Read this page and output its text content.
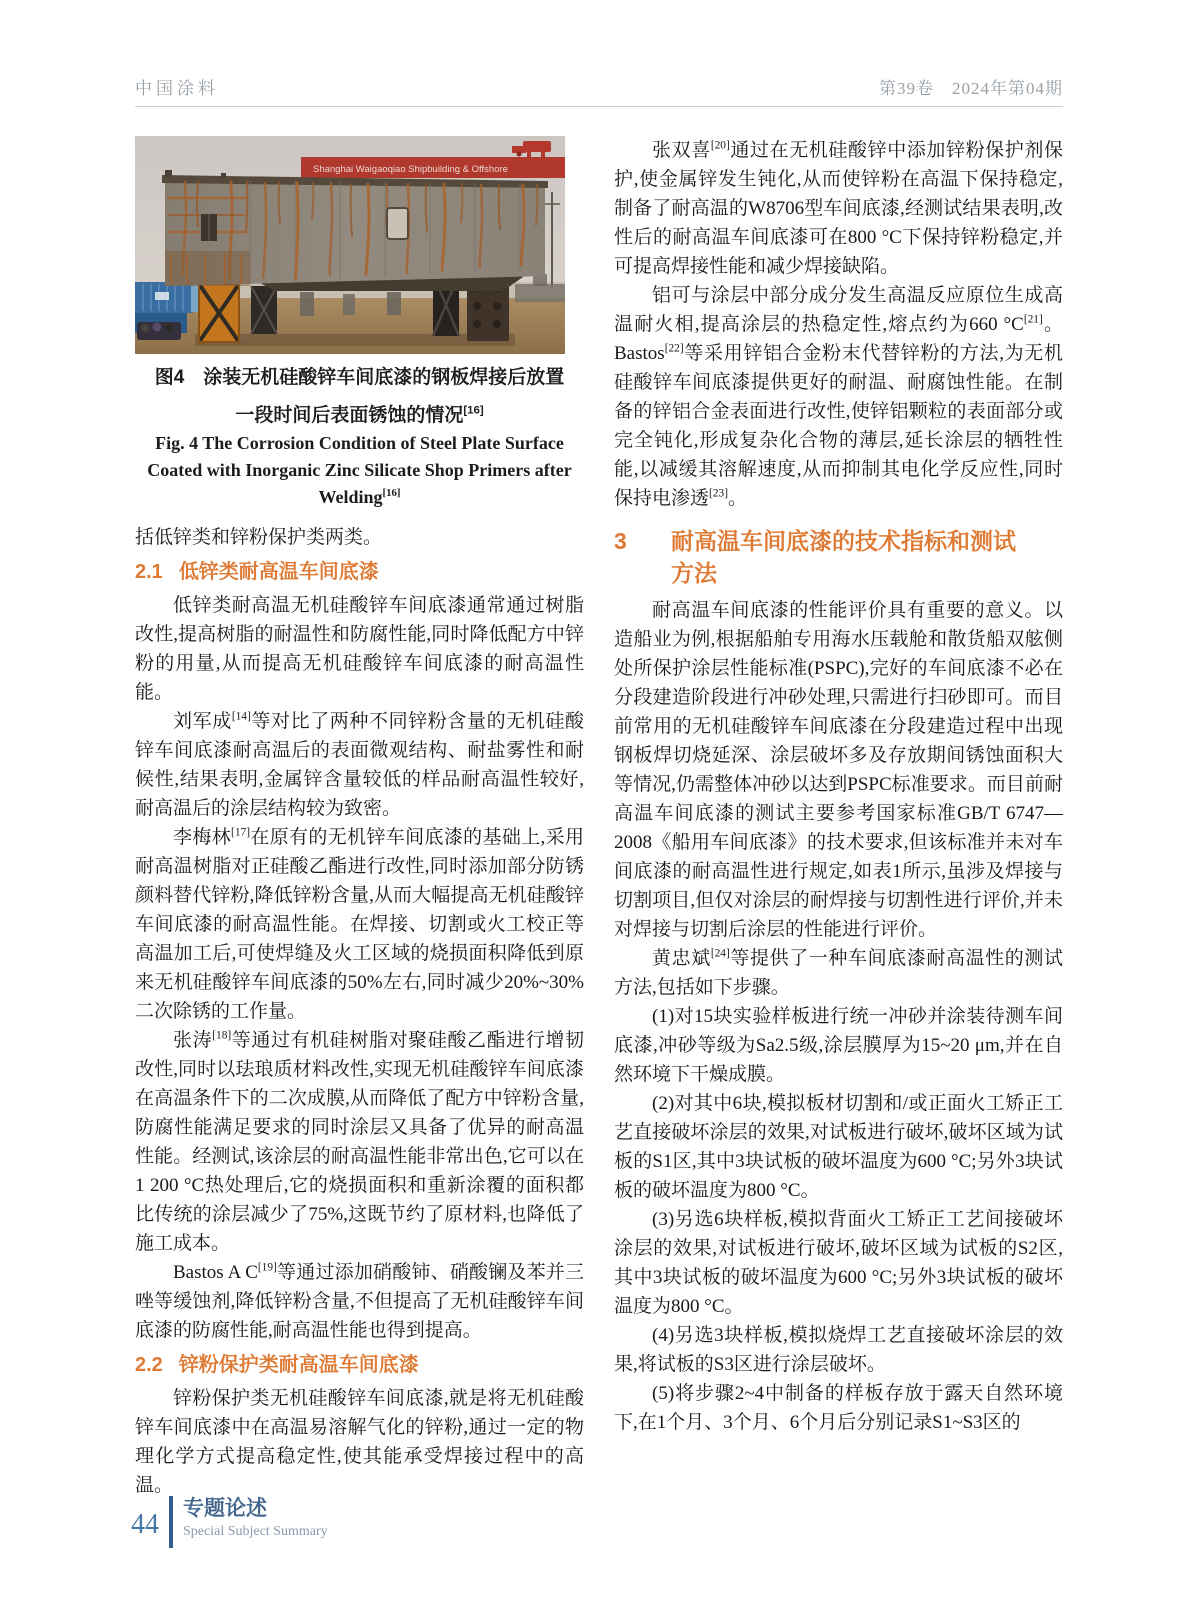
中国涂料	第39卷　2024年第04期
Shanghai Waigaoqiao Shipbuilding & Offshore
图4　涂装无机硅酸锌车间底漆的钢板焊接后放置
一段时间后表面锈蚀的情况[16]
Fig. 4 The Corrosion Condition of Steel Plate Surface
Coated with Inorganic Zinc Silicate Shop Primers after
Welding[16]

括低锌类和锌粉保护类两类。

2.1 低锌类耐高温车间底漆

低锌类耐高温无机硅酸锌车间底漆通常通过树脂改性,提高树脂的耐温性和防腐性能,同时降低配方中锌粉的用量,从而提高无机硅酸锌车间底漆的耐高温性能。

刘军成[14]等对比了两种不同锌粉含量的无机硅酸锌车间底漆耐高温后的表面微观结构、耐盐雾性和耐候性,结果表明,金属锌含量较低的样品耐高温性较好,耐高温后的涂层结构较为致密。

李梅林[17]在原有的无机锌车间底漆的基础上,采用耐高温树脂对正硅酸乙酯进行改性,同时添加部分防锈颜料替代锌粉,降低锌粉含量,从而大幅提高无机硅酸锌车间底漆的耐高温性能。在焊接、切割或火工校正等高温加工后,可使焊缝及火工区域的烧损面积降低到原来无机硅酸锌车间底漆的50%左右,同时减少20%~30%二次除锈的工作量。

张涛[18]等通过有机硅树脂对聚硅酸乙酯进行增韧改性,同时以珐琅质材料改性,实现无机硅酸锌车间底漆在高温条件下的二次成膜,从而降低了配方中锌粉含量,防腐性能满足要求的同时涂层又具备了优异的耐高温性能。经测试,该涂层的耐高温性能非常出色,它可以在1 200 °C热处理后,它的烧损面积和重新涂覆的面积都比传统的涂层减少了75%,这既节约了原材料,也降低了施工成本。

Bastos A C[19]等通过添加硝酸铈、硝酸镧及苯并三唑等缓蚀剂,降低锌粉含量,不但提高了无机硅酸锌车间底漆的防腐性能,耐高温性能也得到提高。

2.2 锌粉保护类耐高温车间底漆

锌粉保护类无机硅酸锌车间底漆,就是将无机硅酸锌车间底漆中在高温易溶解气化的锌粉,通过一定的物理化学方式提高稳定性,使其能承受焊接过程中的高温。

张双喜[20]通过在无机硅酸锌中添加锌粉保护剂保护,使金属锌发生钝化,从而使锌粉在高温下保持稳定,制备了耐高温的W8706型车间底漆,经测试结果表明,改性后的耐高温车间底漆可在800 °C下保持锌粉稳定,并可提高焊接性能和减少焊接缺陷。

铝可与涂层中部分成分发生高温反应原位生成高温耐火相,提高涂层的热稳定性,熔点约为660 °C[21]。Bastos[22]等采用锌铝合金粉末代替锌粉的方法,为无机硅酸锌车间底漆提供更好的耐温、耐腐蚀性能。在制备的锌铝合金表面进行改性,使锌铝颗粒的表面部分或完全钝化,形成复杂化合物的薄层,延长涂层的牺牲性能,以减缓其溶解速度,从而抑制其电化学反应性,同时保持电渗透[23]。

3 耐高温车间底漆的技术指标和测试
方法

耐高温车间底漆的性能评价具有重要的意义。以造船业为例,根据船舶专用海水压载舱和散货船双舷侧处所保护涂层性能标准(PSPC),完好的车间底漆不必在分段建造阶段进行冲砂处理,只需进行扫砂即可。而目前常用的无机硅酸锌车间底漆在分段建造过程中出现钢板焊切烧延深、涂层破坏多及存放期间锈蚀面积大等情况,仍需整体冲砂以达到PSPC标准要求。而目前耐高温车间底漆的测试主要参考国家标准GB/T 6747—2008《船用车间底漆》的技术要求,但该标准并未对车间底漆的耐高温性进行规定,如表1所示,虽涉及焊接与切割项目,但仅对涂层的耐焊接与切割性进行评价,并未对焊接与切割后涂层的性能进行评价。

黄忠斌[24]等提供了一种车间底漆耐高温性的测试方法,包括如下步骤。

(1)对15块实验样板进行统一冲砂并涂装待测车间底漆,冲砂等级为Sa2.5级,涂层膜厚为15~20 μm,并在自然环境下干燥成膜。

(2)对其中6块,模拟板材切割和/或正面火工矫正工艺直接破坏涂层的效果,对试板进行破坏,破坏区域为试板的S1区,其中3块试板的破坏温度为600 °C;另外3块试板的破坏温度为800 °C。

(3)另选6块样板,模拟背面火工矫正工艺间接破坏涂层的效果,对试板进行破坏,破坏区域为试板的S2区,其中3块试板的破坏温度为600 °C;另外3块试板的破坏温度为800 °C。

(4)另选3块样板,模拟烧焊工艺直接破坏涂层的效果,将试板的S3区进行涂层破坏。

(5)将步骤2~4中制备的样板存放于露天自然环境下,在1个月、3个月、6个月后分别记录S1~S3区的

44
专题论述
Special Subject Summary
